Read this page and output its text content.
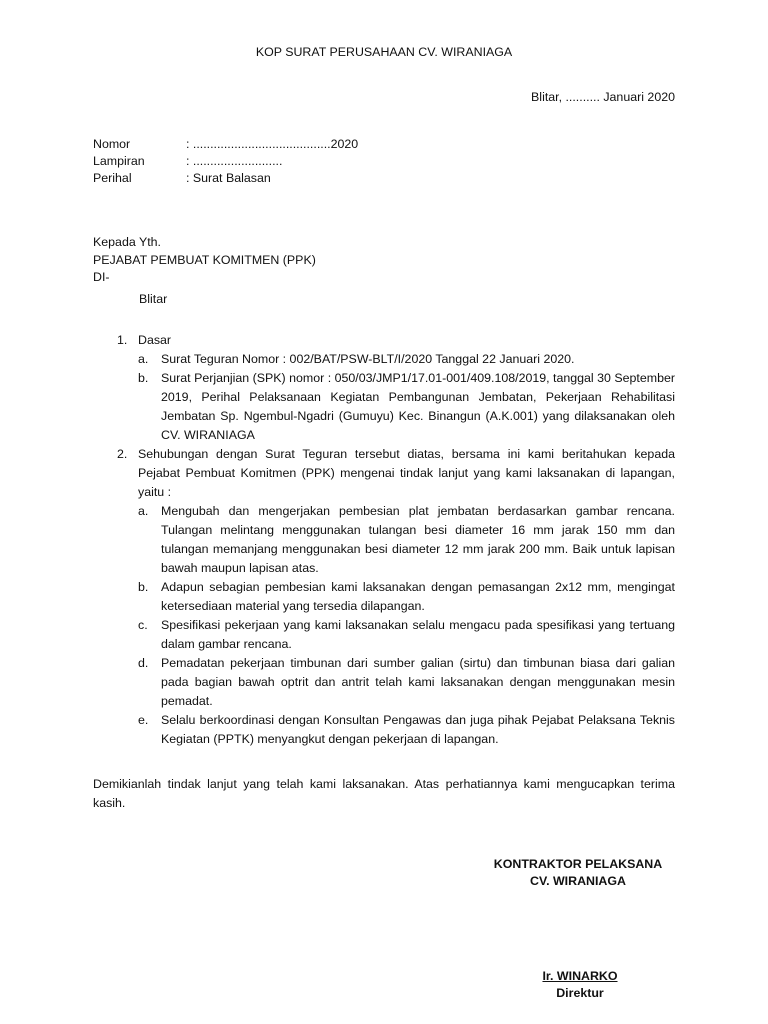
KOP SURAT PERUSAHAAN CV. WIRANIAGA
Blitar, .......... Januari 2020
Nomor	: ........................................2020
Lampiran	: ..........................
Perihal	: Surat Balasan
Kepada Yth.
PEJABAT PEMBUAT KOMITMEN (PPK)
DI-
Blitar
1. Dasar
a.	Surat Teguran Nomor : 002/BAT/PSW-BLT/I/2020 Tanggal 22 Januari 2020.
b.	Surat Perjanjian (SPK) nomor : 050/03/JMP1/17.01-001/409.108/2019, tanggal 30 September 2019, Perihal Pelaksanaan Kegiatan Pembangunan Jembatan, Pekerjaan Rehabilitasi Jembatan Sp. Ngembul-Ngadri (Gumuyu) Kec. Binangun (A.K.001) yang dilaksanakan oleh CV. WIRANIAGA
2. Sehubungan dengan Surat Teguran tersebut diatas, bersama ini kami beritahukan kepada Pejabat Pembuat Komitmen (PPK) mengenai tindak lanjut yang kami laksanakan di lapangan, yaitu :
a.	Mengubah dan mengerjakan pembesian plat jembatan berdasarkan gambar rencana. Tulangan melintang menggunakan tulangan besi diameter 16 mm jarak 150 mm dan tulangan memanjang menggunakan besi diameter 12 mm jarak 200 mm. Baik untuk lapisan bawah maupun lapisan atas.
b.	Adapun sebagian pembesian kami laksanakan dengan pemasangan 2x12 mm, mengingat ketersediaan material yang tersedia dilapangan.
c.	Spesifikasi pekerjaan yang kami laksanakan selalu mengacu pada spesifikasi yang tertuang dalam gambar rencana.
d.	Pemadatan pekerjaan timbunan dari sumber galian (sirtu) dan timbunan biasa dari galian pada bagian bawah optrit dan antrit telah kami laksanakan dengan menggunakan mesin pemadat.
e.	Selalu berkoordinasi dengan Konsultan Pengawas dan juga pihak Pejabat Pelaksana Teknis Kegiatan (PPTK) menyangkut dengan pekerjaan di lapangan.
Demikianlah tindak lanjut yang telah kami laksanakan. Atas perhatiannya kami mengucapkan terima kasih.
KONTRAKTOR PELAKSANA
CV. WIRANIAGA
Ir. WINARKO
Direktur
